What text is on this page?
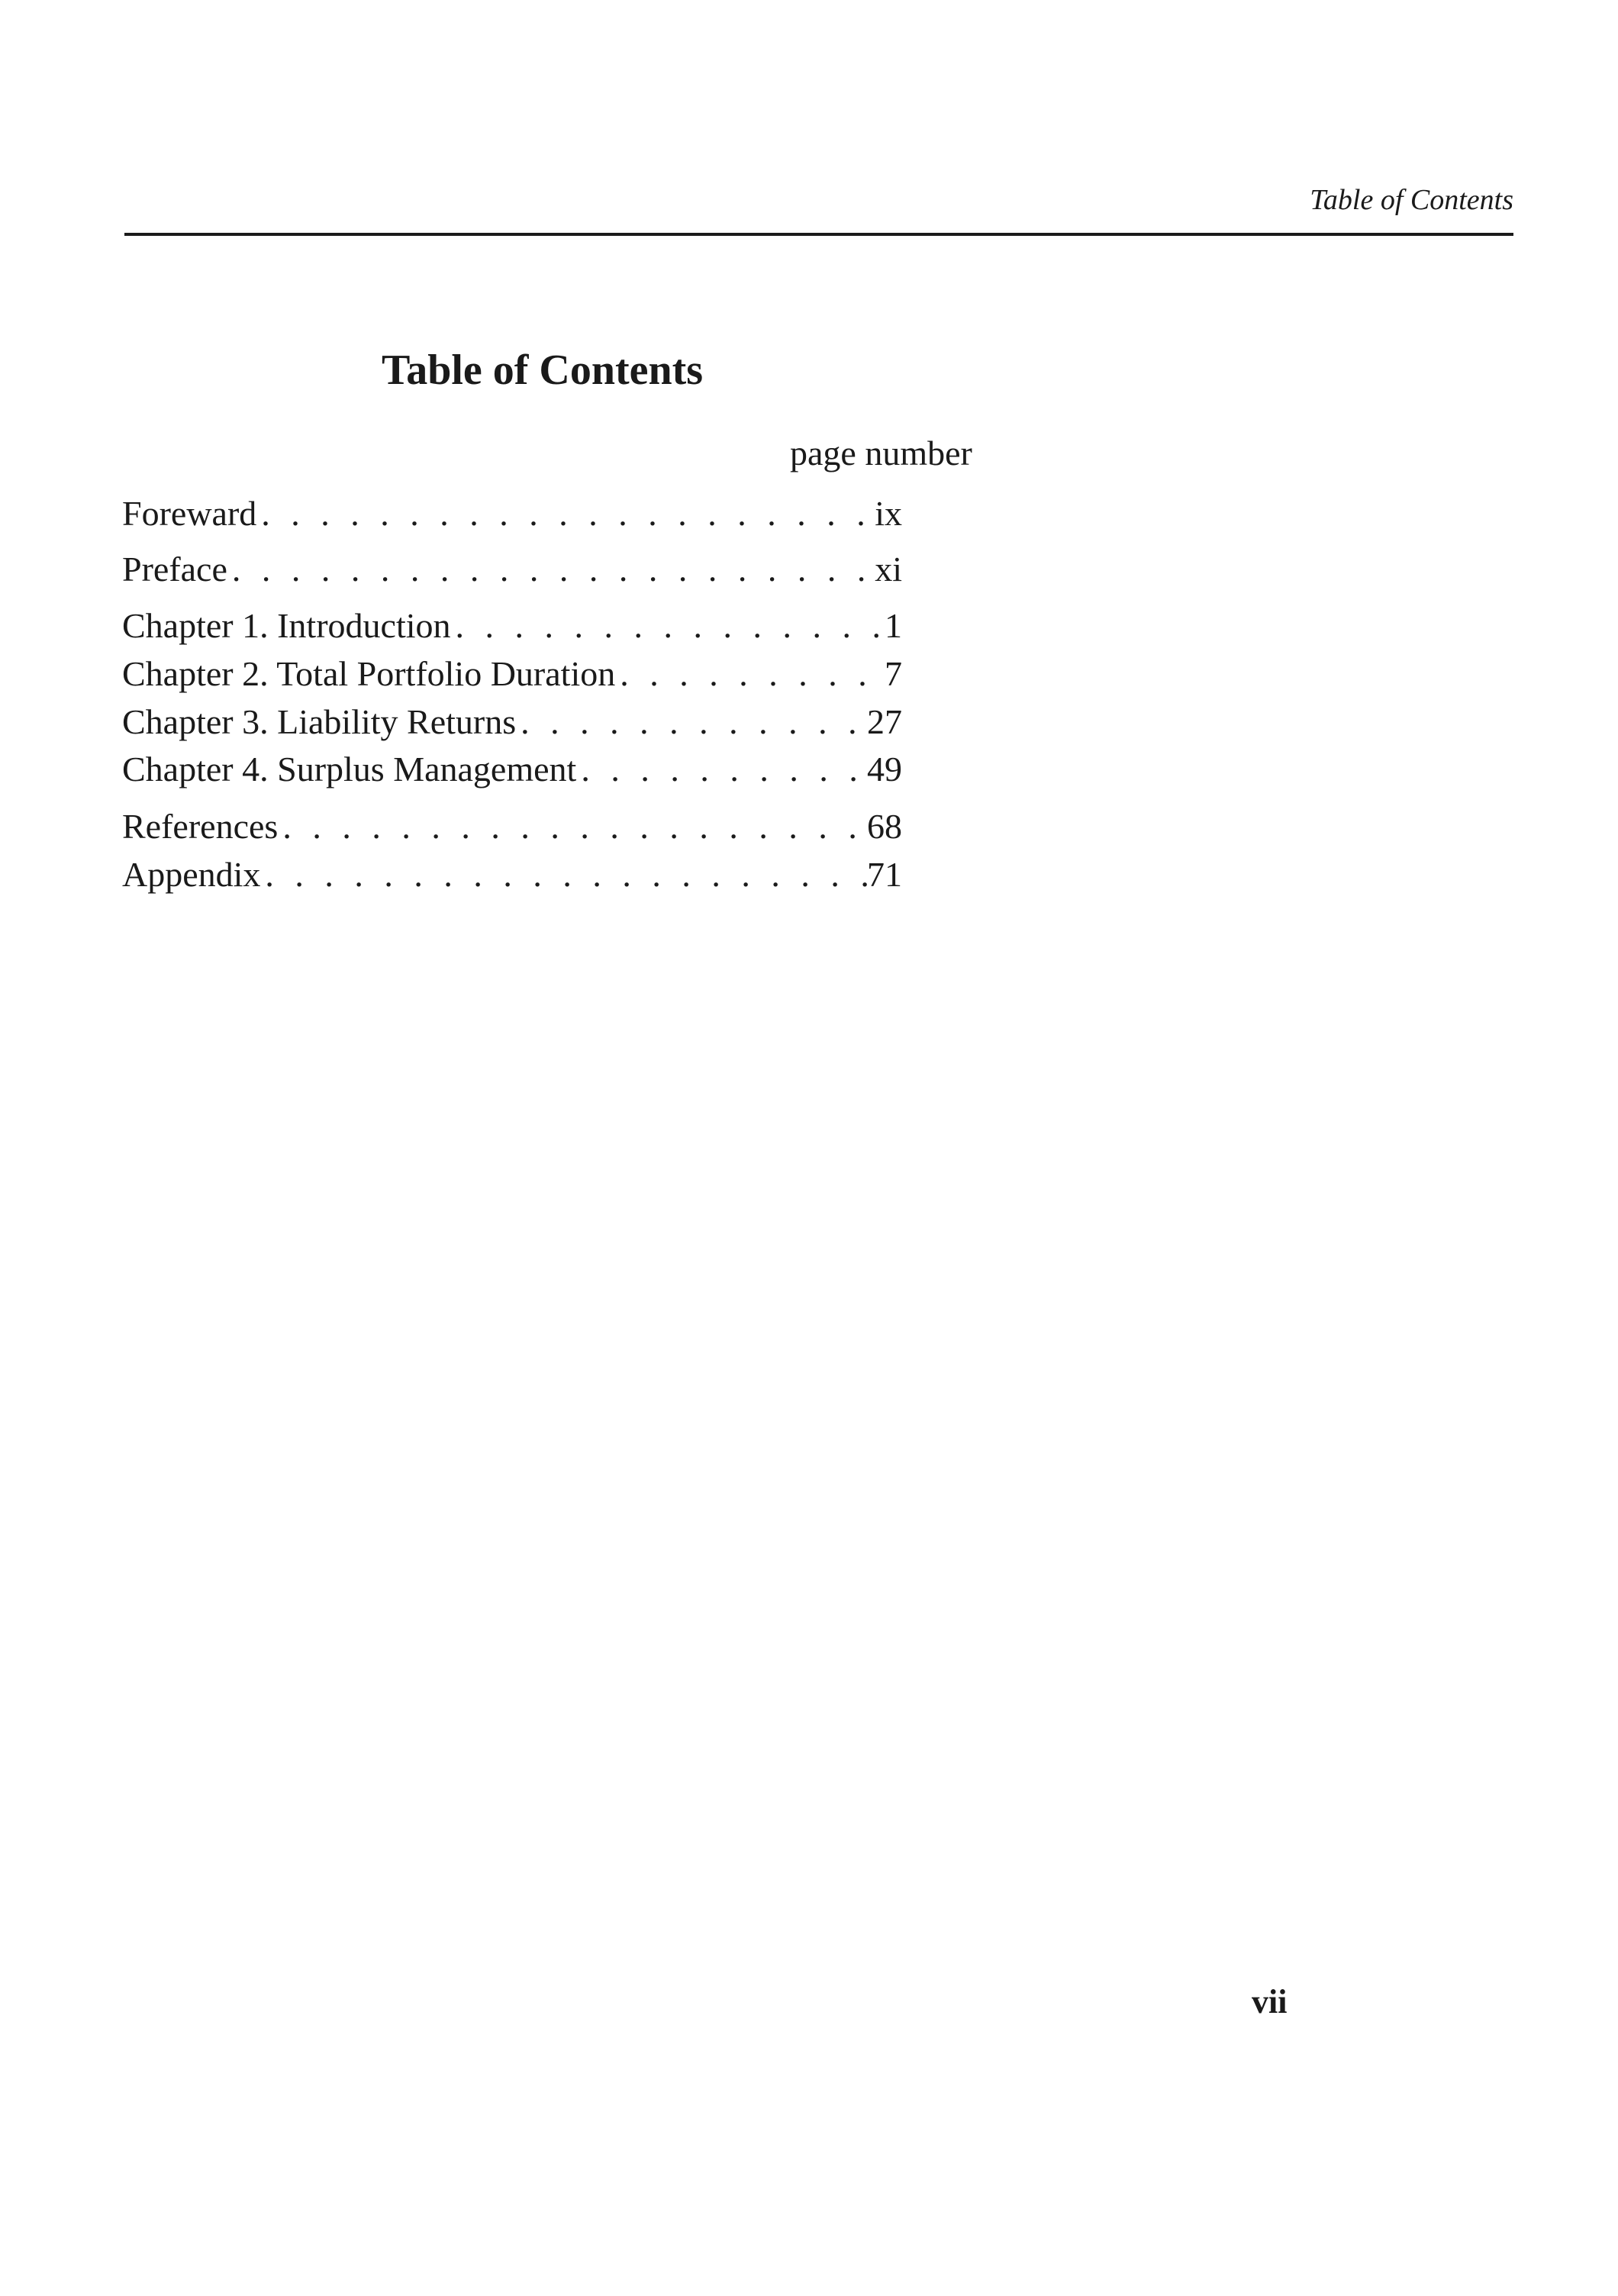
Table of Contents
Table of Contents
page number
Foreward . . .	ix
Preface . . .	xi
Chapter 1. Introduction . . .	1
Chapter 2. Total Portfolio Duration . . .	7
Chapter 3. Liability Returns . . .	27
Chapter 4. Surplus Management . . .	49
References . . .	68
Appendix . . .	71
vii
